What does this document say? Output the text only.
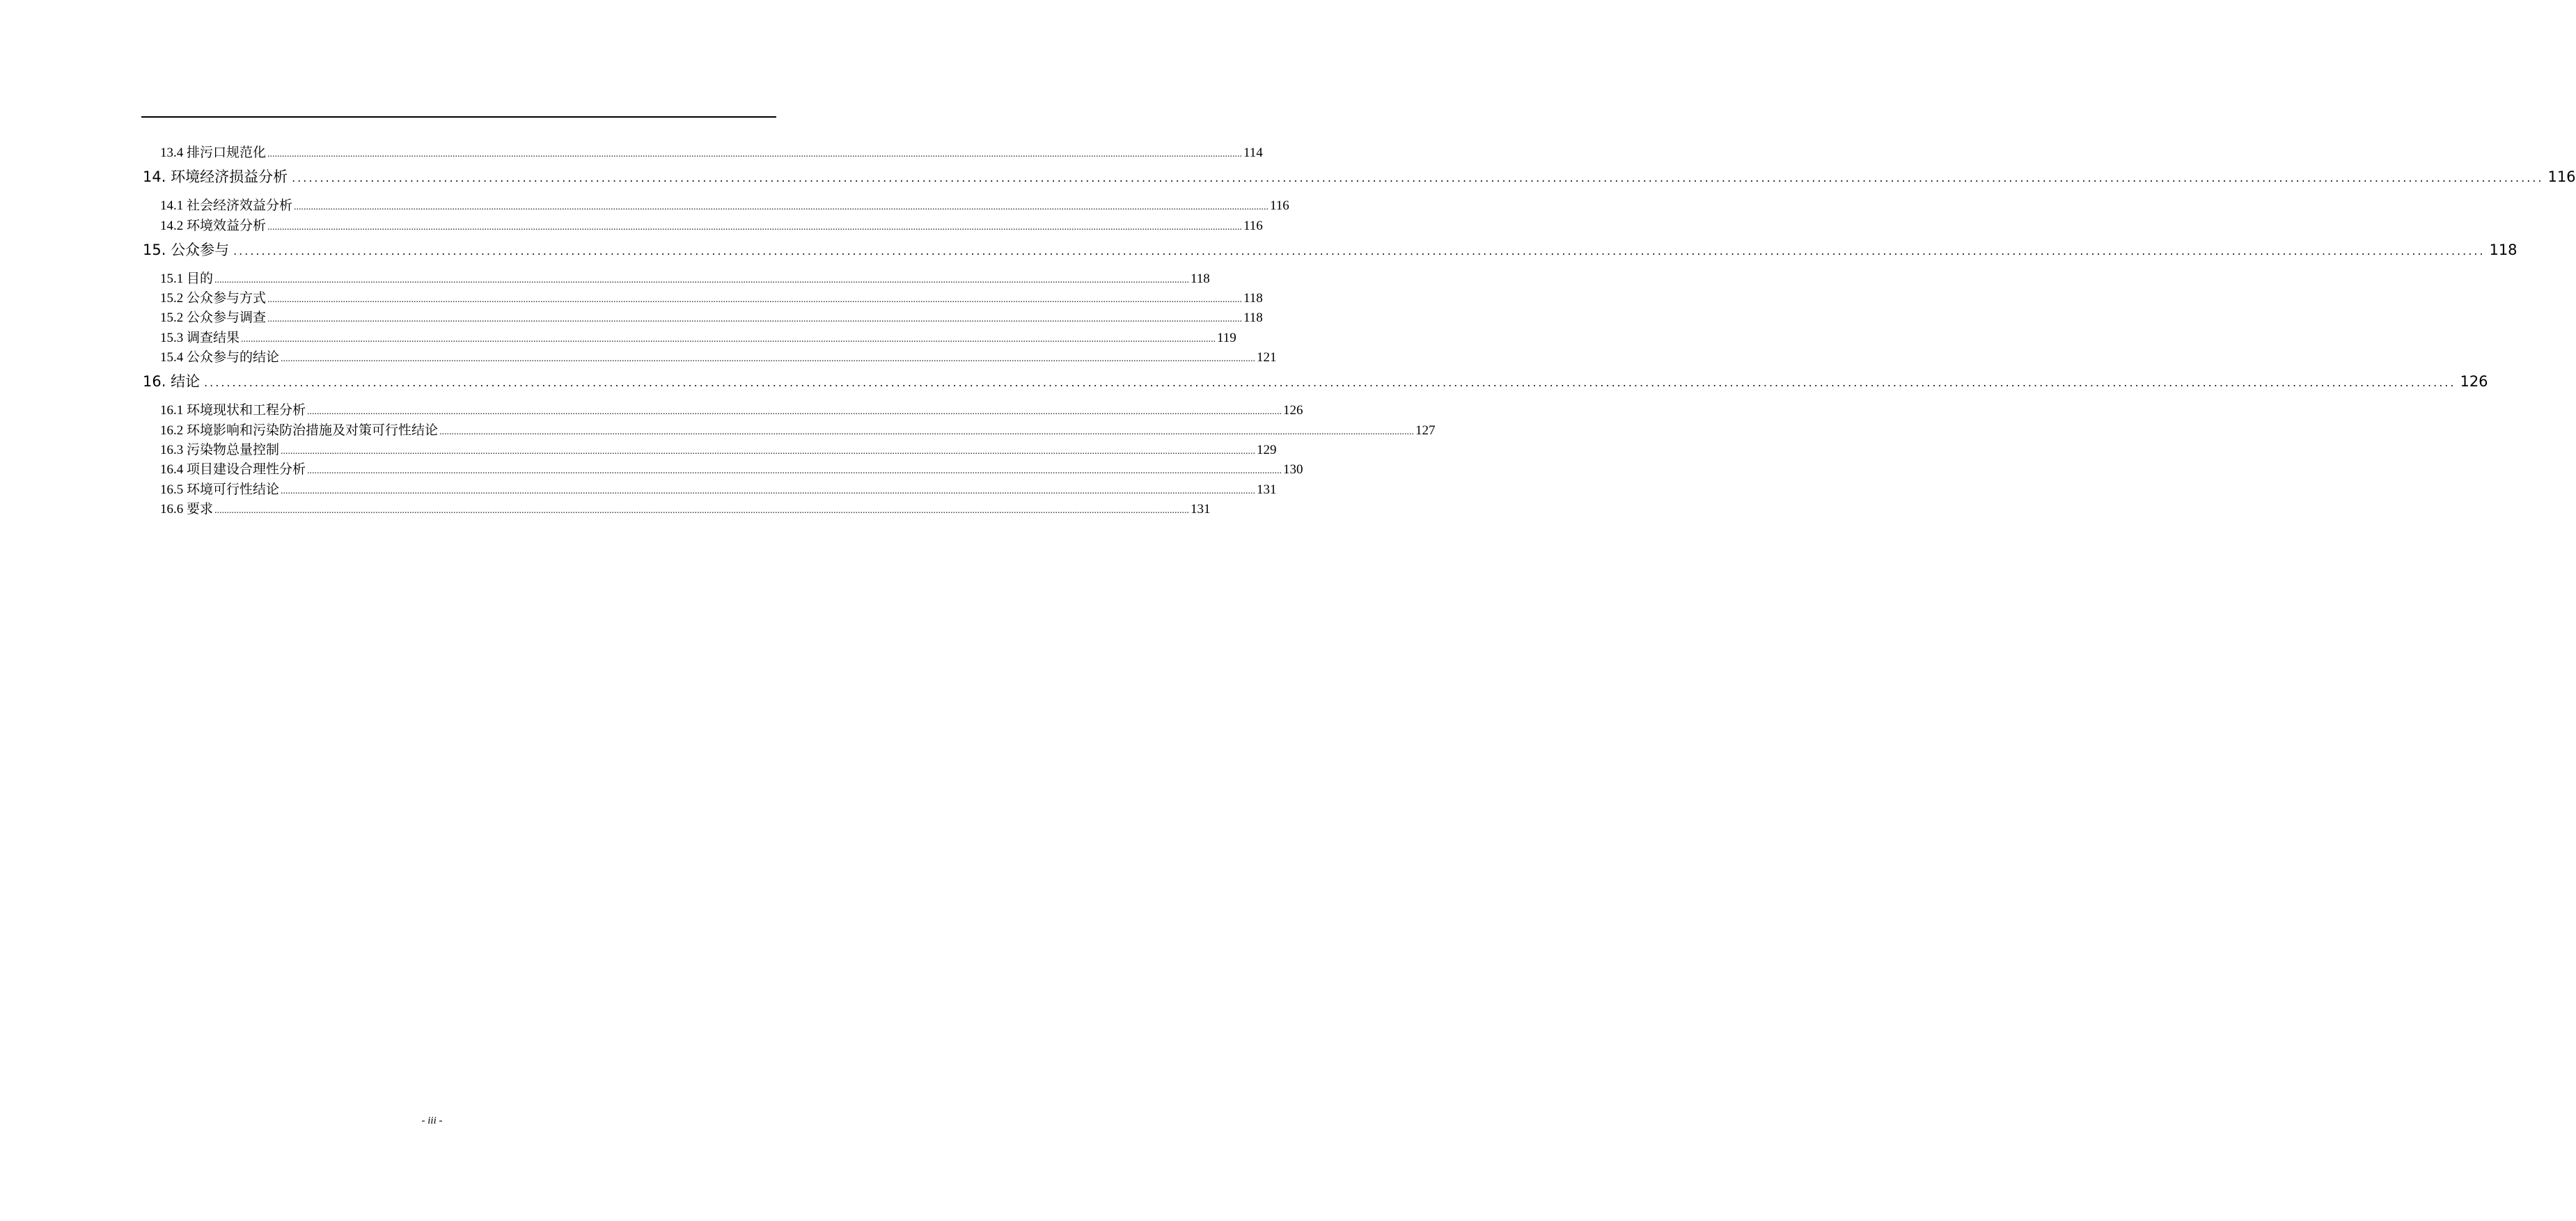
13.4 排污口规范化 ................................................................................................................................................................................................................................................................................................................................................................................................................ 114
14. 环境经济损益分析 ................................................................................................................................................................................................................................................................................................................................................................................................................ 116
14.1 社会经济效益分析 ................................................................................................................................................................................................................................................................................................................................................................................................................ 116
14.2 环境效益分析 ................................................................................................................................................................................................................................................................................................................................................................................................................ 116
15. 公众参与 ................................................................................................................................................................................................................................................................................................................................................................................................................ 118
15.1 目的 ................................................................................................................................................................................................................................................................................................................................................................................................................ 118
15.2 公众参与方式 ................................................................................................................................................................................................................................................................................................................................................................................................................ 118
15.2 公众参与调查 ................................................................................................................................................................................................................................................................................................................................................................................................................ 118
15.3 调查结果 ................................................................................................................................................................................................................................................................................................................................................................................................................ 119
15.4 公众参与的结论 ................................................................................................................................................................................................................................................................................................................................................................................................................ 121
16. 结论 ................................................................................................................................................................................................................................................................................................................................................................................................................ 126
16.1 环境现状和工程分析 ................................................................................................................................................................................................................................................................................................................................................................................................................ 126
16.2 环境影响和污染防治措施及对策可行性结论 ................................................................................................................................................................................................................................................................................................................................................................................................................ 127
16.3 污染物总量控制 ................................................................................................................................................................................................................................................................................................................................................................................................................ 129
16.4 项目建设合理性分析 ................................................................................................................................................................................................................................................................................................................................................................................................................ 130
16.5 环境可行性结论 ................................................................................................................................................................................................................................................................................................................................................................................................................ 131
16.6 要求 ................................................................................................................................................................................................................................................................................................................................................................................................................ 131
- iii -
